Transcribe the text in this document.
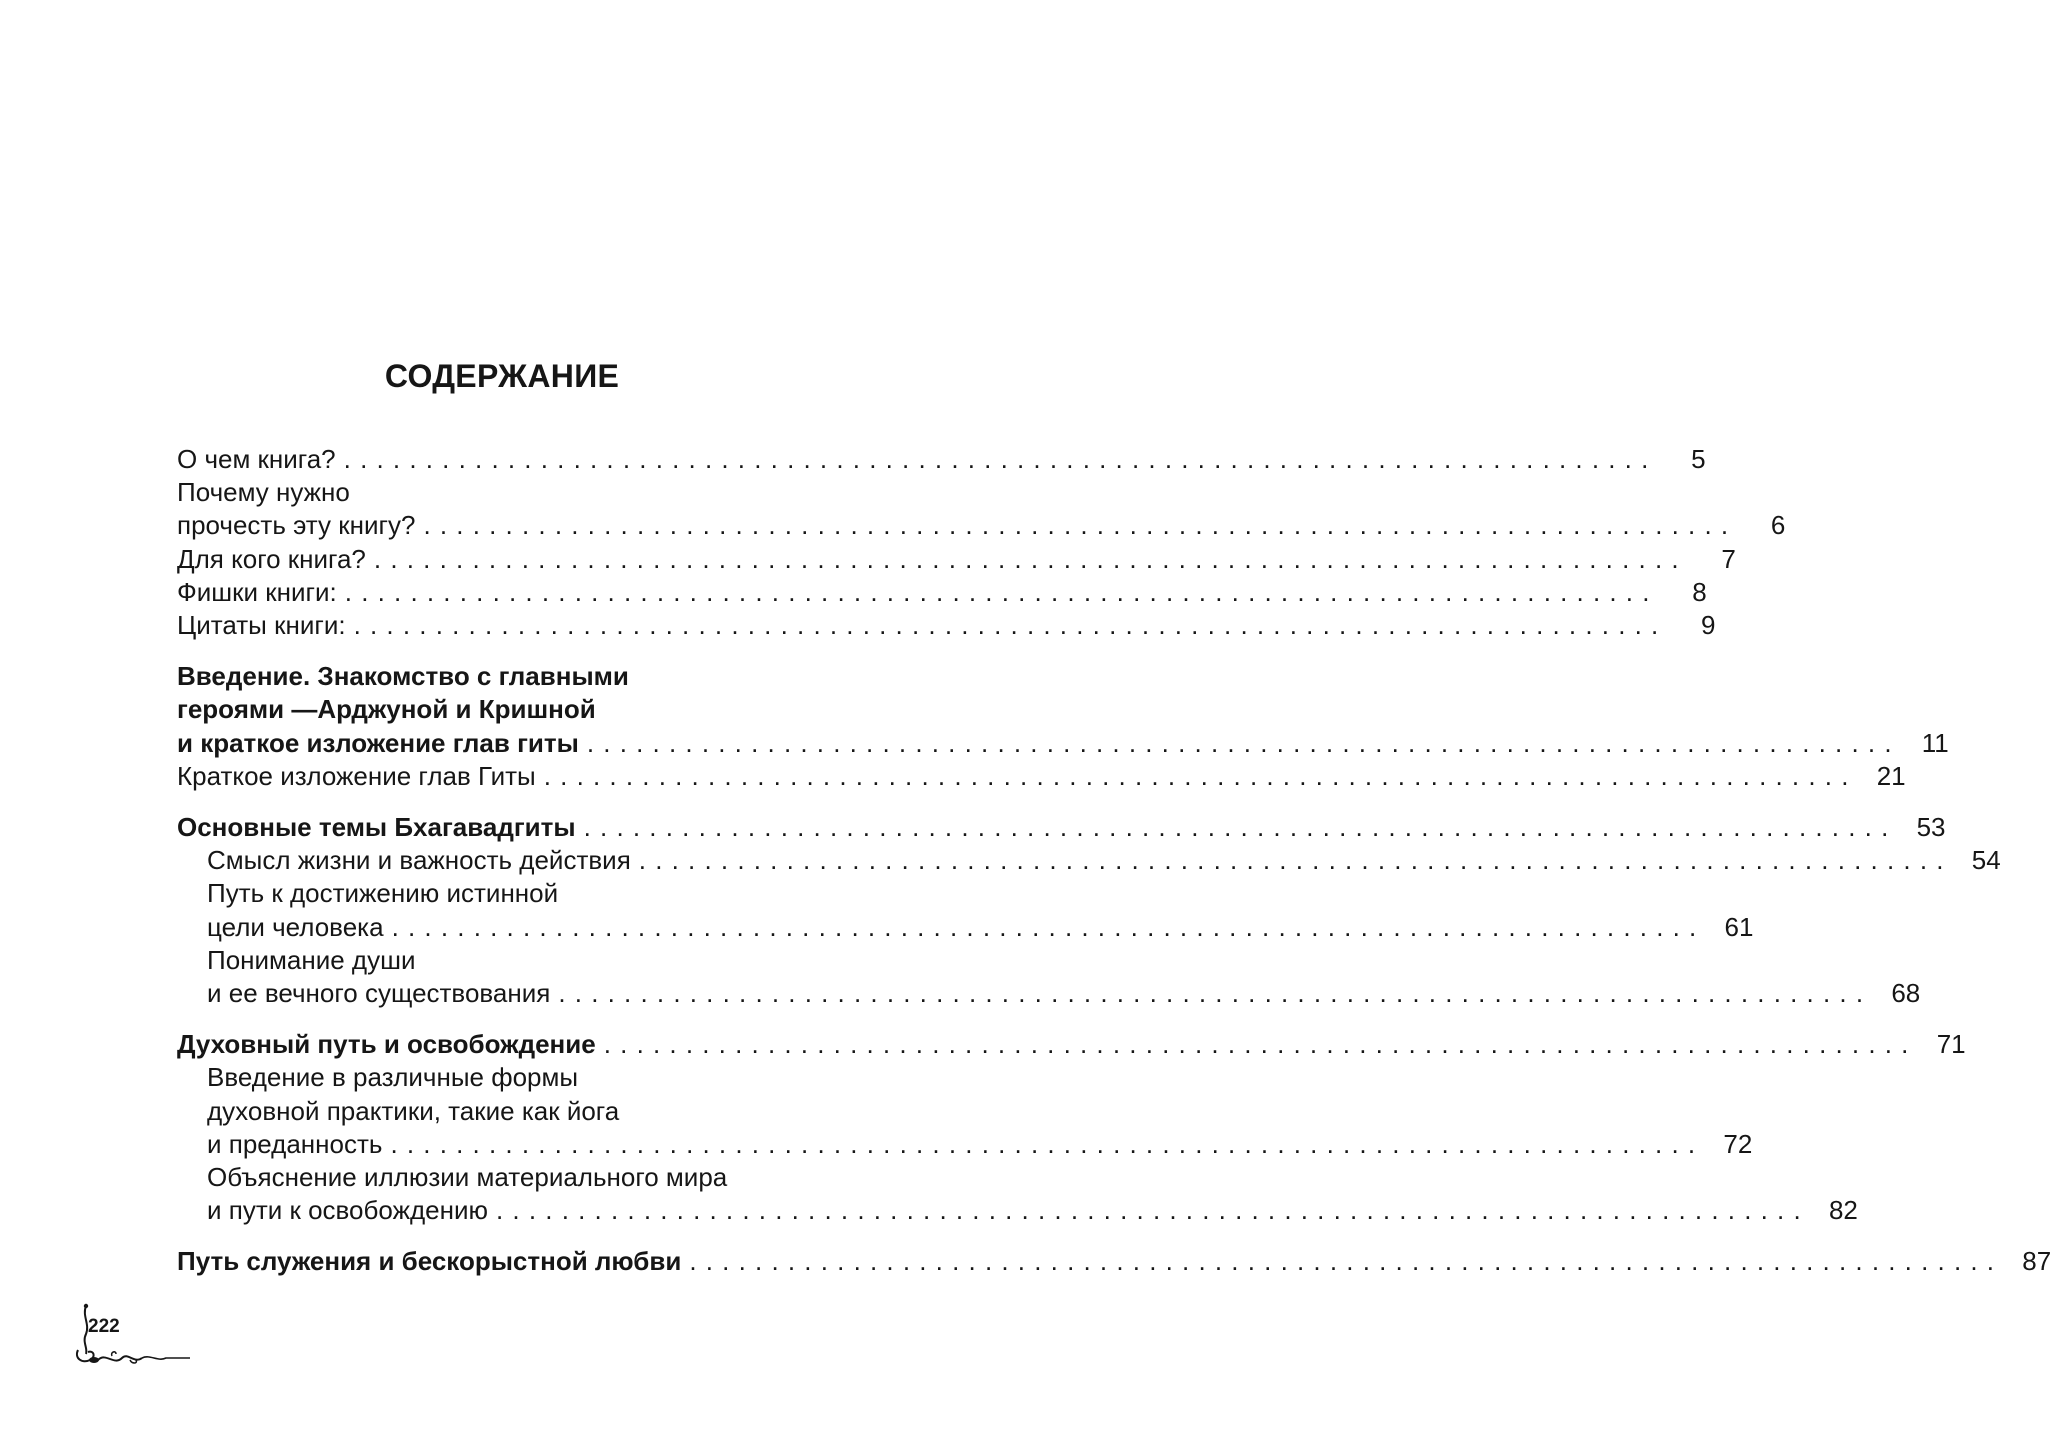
СОДЕРЖАНИЕ
О чем книга? ................................................................................	5
Почему нужно
прочесть эту книгу? ................................................................................	6
Для кого книга? ................................................................................	7
Фишки книги: ................................................................................	8
Цитаты книги: ................................................................................	9
Введение. Знакомство с главными
героями —Арджуной и Кришной
и краткое изложение глав гиты ................................................................................ 11
Краткое изложение глав Гиты ................................................................................ 21
Основные темы Бхагавадгиты ................................................................................ 53
Смысл жизни и важность действия ................................................................................ 54
Путь к достижению истинной
цели человека ................................................................................ 61
Понимание души
и ее вечного существования ................................................................................ 68
Духовный путь и освобождение ................................................................................ 71
Введение в различные формы
духовной практики, такие как йога
и преданность ................................................................................ 72
Объяснение иллюзии материального мира
и пути к освобождению ................................................................................ 82
Путь служения и бескорыстной любви ................................................................................ 87
222
